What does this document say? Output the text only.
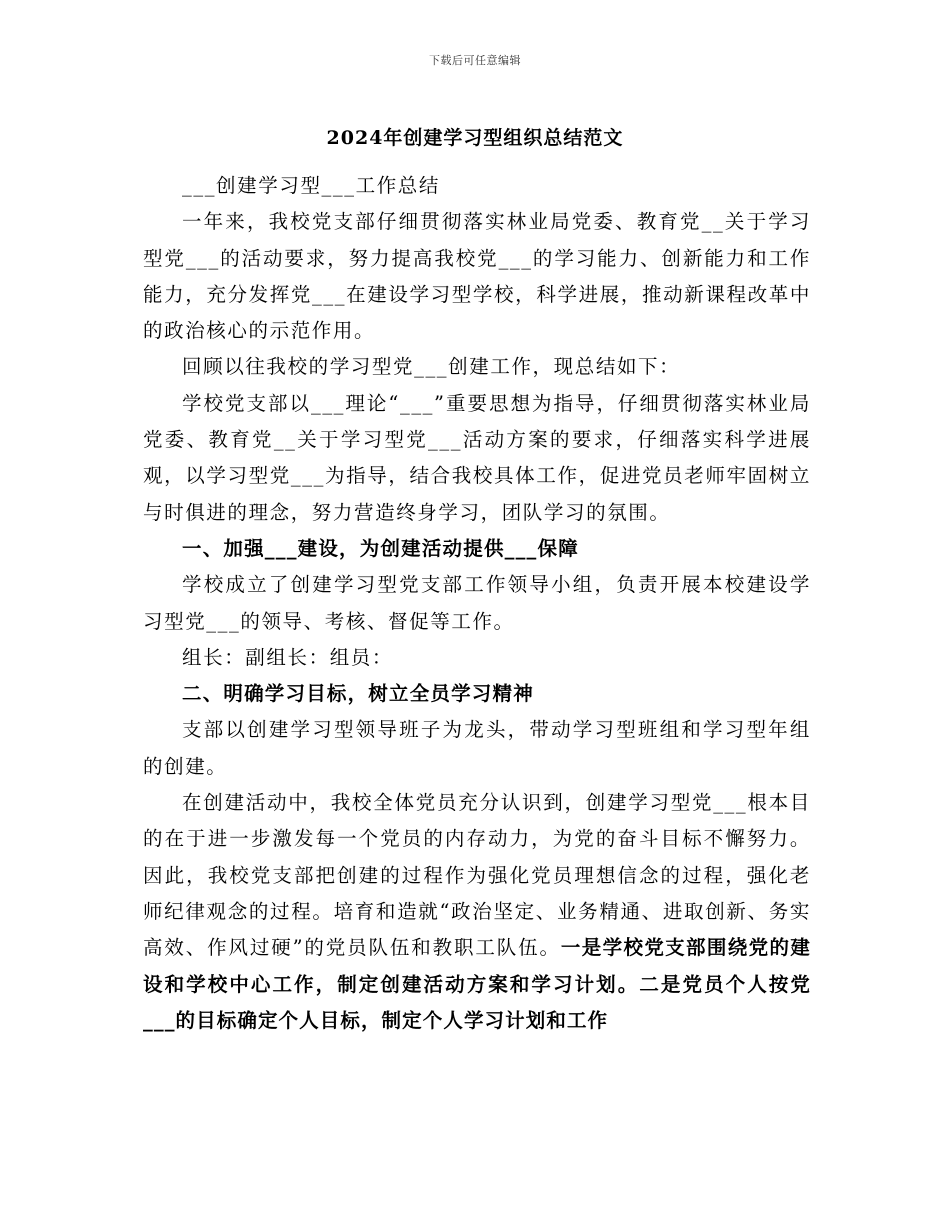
下载后可任意编辑
2024年创建学习型组织总结范文

___创建学习型___工作总结

一年来，我校党支部仔细贯彻落实林业局党委、教育党__关于学习型党___的活动要求，努力提高我校党___的学习能力、创新能力和工作能力，充分发挥党___在建设学习型学校，科学进展，推动新课程改革中的政治核心的示范作用。

回顾以往我校的学习型党___创建工作，现总结如下：

学校党支部以___理论“___”重要思想为指导，仔细贯彻落实林业局党委、教育党__关于学习型党___活动方案的要求，仔细落实科学进展观，以学习型党___为指导，结合我校具体工作，促进党员老师牢固树立与时俱进的理念，努力营造终身学习，团队学习的氛围。

一、加强___建设，为创建活动提供___保障

学校成立了创建学习型党支部工作领导小组，负责开展本校建设学习型党___的领导、考核、督促等工作。

组长：副组长：组员：

二、明确学习目标，树立全员学习精神

支部以创建学习型领导班子为龙头，带动学习型班组和学习型年组的创建。

在创建活动中，我校全体党员充分认识到，创建学习型党___根本目的在于进一步激发每一个党员的内存动力，为党的奋斗目标不懈努力。因此，我校党支部把创建的过程作为强化党员理想信念的过程，强化老师纪律观念的过程。培育和造就“政治坚定、业务精通、进取创新、务实高效、作风过硬”的党员队伍和教职工队伍。一是学校党支部围绕党的建设和学校中心工作，制定创建活动方案和学习计划。二是党员个人按党___的目标确定个人目标，制定个人学习计划和工作
